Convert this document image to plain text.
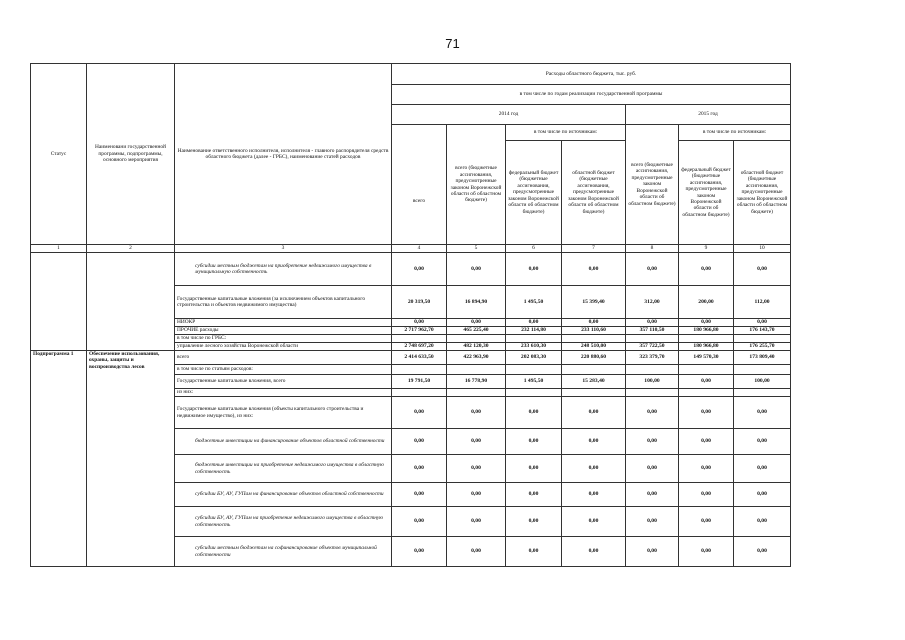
71
Статус	Наименовани государственной программы, подпрограммы, основного мероприятия	Наименование ответственного исполнителя, исполнителя - главного распорядителя средств областного бюджета (далее - ГРБС), наименование статей расходов	Расходы областного бюджета, тыс. руб.						
			в том числе по годам реализации государственной программы						
			2014 год				2015 год		
			всего	всего (бюджетные ассигнования, предусмотренные законом Воронежской области об областном бюджете)	в том числе по источникам:		всего (бюджетные ассигнования, предусмотренные законом Воронежской области об областном бюджете)	в том числе по источникам:	
					федеральный бюджет (бюджетные ассигнования, предусмотренные законом Воронежской области об областном бюджете)	областной бюджет (бюджетные ассигнования, предусмотренные законом Воронежской области об областном бюджете)		федеральный бюджет (бюджетные ассигнования, предусмотренные законом Воронежской области об областном бюджете)	областной бюджет (бюджетные ассигнования, предусмотренные законом Воронежской области об областном бюджете)
1	2	3	4	5	6	7	8	9	10
		субсидии местным бюджетам на приобретение недвижимого имущества в муниципальную собственность	0,00	0,00	0,00	0,00	0,00	0,00	0,00
		Государственные капитальные вложения (за исключением объектов капитального строительства и объектов недвижимого имущества)	20 319,50	16 894,90	1 495,50	15 399,40	312,00	200,00	112,00
		НИОКР	0,00	0,00	0,00	0,00	0,00	0,00	0,00
		ПРОЧИЕ расходы	2 717 962,70	465 225,40	232 114,80	233 110,60	357 110,50	180 966,80	176 143,70
		в том числе по ГРБС:							
		управление лесного хозяйства Воронежской области	2 748 697,20	482 120,30	233 610,30	248 510,00	357 722,50	180 966,80	176 255,70
Подпрограмма 1	Обеспечение использования, охраны, защиты и воспроизводства лесов	всего	2 414 633,50	422 963,90	202 083,30	220 880,60	323 379,70	149 570,30	173 809,40
		в том числе по статьям расходов:							
		Государственные капитальные вложения, всего	19 791,50	16 778,90	1 495,50	15 283,40	100,00	0,00	100,00
		из них:							
		Государственные капитальные вложения (объекты капитального строительства и недвижимое имущество), из них:	0,00	0,00	0,00	0,00	0,00	0,00	0,00
		бюджетные инвестиции на финансирование объектов областной собственности	0,00	0,00	0,00	0,00	0,00	0,00	0,00
		бюджетные инвестиции на приобретение недвижимого имущества в областную собственность	0,00	0,00	0,00	0,00	0,00	0,00	0,00
		субсидии БУ, АУ, ГУПам на финансирование объектов областной собственности	0,00	0,00	0,00	0,00	0,00	0,00	0,00
		субсидии БУ, АУ, ГУПам на приобретение недвижимого имущества в областную собственность	0,00	0,00	0,00	0,00	0,00	0,00	0,00
		субсидии местным бюджетам на софинансирование объектов муниципальной собственности	0,00	0,00	0,00	0,00	0,00	0,00	0,00
